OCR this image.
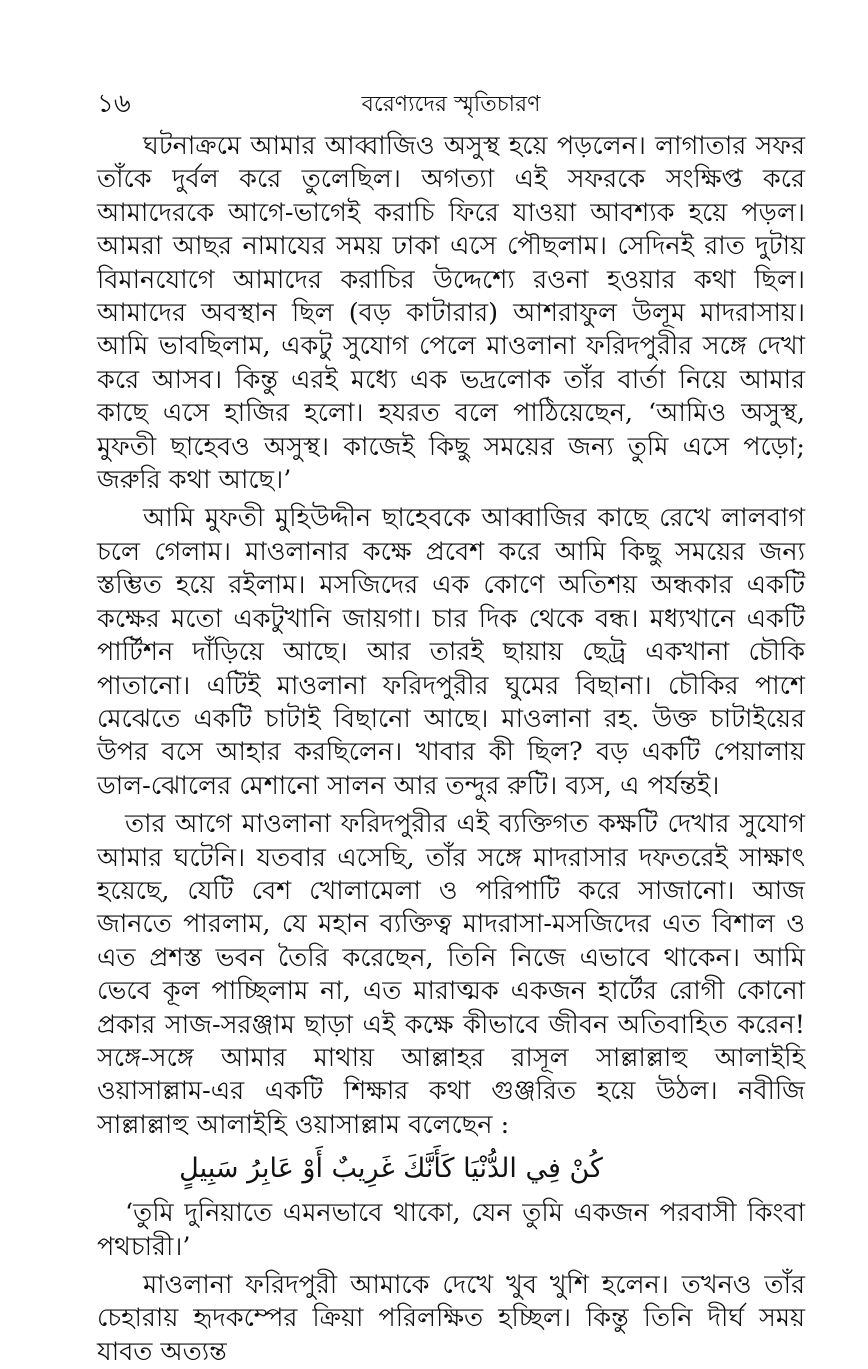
১৬	বরেণ্যদের স্মৃতিচারণ

ঘটনাক্রমে আমার আব্বাজিও অসুস্থ হয়ে পড়লেন। লাগাতার সফর তাঁকে দুর্বল করে তুলেছিল। অগত্যা এই সফরকে সংক্ষিপ্ত করে আমাদেরকে আগে-ভাগেই করাচি ফিরে যাওয়া আবশ্যক হয়ে পড়ল। আমরা আছর নামাযের সময় ঢাকা এসে পৌছলাম। সেদিনই রাত দুটায় বিমানযোগে আমাদের করাচির উদ্দেশ্যে রওনা হওয়ার কথা ছিল। আমাদের অবস্থান ছিল (বড় কাটারার) আশরাফুল উলূম মাদরাসায়। আমি ভাবছিলাম, একটু সুযোগ পেলে মাওলানা ফরিদপুরীর সঙ্গে দেখা করে আসব। কিন্তু এরই মধ্যে এক ভদ্রলোক তাঁর বার্তা নিয়ে আমার কাছে এসে হাজির হলো। হযরত বলে পাঠিয়েছেন, ‘আমিও অসুস্থ, মুফতী ছাহেবও অসুস্থ। কাজেই কিছু সময়ের জন্য তুমি এসে পড়ো; জরুরি কথা আছে।’

আমি মুফতী মুহিউদ্দীন ছাহেবকে আব্বাজির কাছে রেখে লালবাগ চলে গেলাম। মাওলানার কক্ষে প্রবেশ করে আমি কিছু সময়ের জন্য স্তম্ভিত হয়ে রইলাম। মসজিদের এক কোণে অতিশয় অন্ধকার একটি কক্ষের মতো একটুখানি জায়গা। চার দিক থেকে বন্ধ। মধ্যখানে একটি পার্টিশন দাঁড়িয়ে আছে। আর তারই ছায়ায় ছেট্র একখানা চৌকি পাতানো। এটিই মাওলানা ফরিদপুরীর ঘুমের বিছানা। চৌকির পাশে মেঝেতে একটি চাটাই বিছানো আছে। মাওলানা রহ. উক্ত চাটাইয়ের উপর বসে আহার করছিলেন। খাবার কী ছিল? বড় একটি পেয়ালায় ডাল-ঝোলের মেশানো সালন আর তন্দুর রুটি। ব্যস, এ পর্যন্তই।

তার আগে মাওলানা ফরিদপুরীর এই ব্যক্তিগত কক্ষটি দেখার সুযোগ আমার ঘটেনি। যতবার এসেছি, তাঁর সঙ্গে মাদরাসার দফতরেই সাক্ষাৎ হয়েছে, যেটি বেশ খোলামেলা ও পরিপাটি করে সাজানো। আজ জানতে পারলাম, যে মহান ব্যক্তিত্ব মাদরাসা-মসজিদের এত বিশাল ও এত প্রশস্ত ভবন তৈরি করেছেন, তিনি নিজে এভাবে থাকেন। আমি ভেবে কূল পাচ্ছিলাম না, এত মারাত্মক একজন হার্টের রোগী কোনো প্রকার সাজ-সরঞ্জাম ছাড়া এই কক্ষে কীভাবে জীবন অতিবাহিত করেন! সঙ্গে-সঙ্গে আমার মাথায় আল্লাহর রাসূল সাল্লাল্লাহু আলাইহি ওয়াসাল্লাম-এর একটি শিক্ষার কথা গুঞ্জরিত হয়ে উঠল। নবীজি সাল্লাল্লাহু আলাইহি ওয়াসাল্লাম বলেছেন :

كُنْ فِي الدُّنْيَا كَأَنَّكَ غَرِيبٌ أَوْ عَابِرُ سَبِيلٍ

‘তুমি দুনিয়াতে এমনভাবে থাকো, যেন তুমি একজন পরবাসী কিংবা পথচারী।’

মাওলানা ফরিদপুরী আমাকে দেখে খুব খুশি হলেন। তখনও তাঁর চেহারায় হৃদকম্পের ক্রিয়া পরিলক্ষিত হচ্ছিল। কিন্তু তিনি দীর্ঘ সময় যাবত অত্যন্ত
